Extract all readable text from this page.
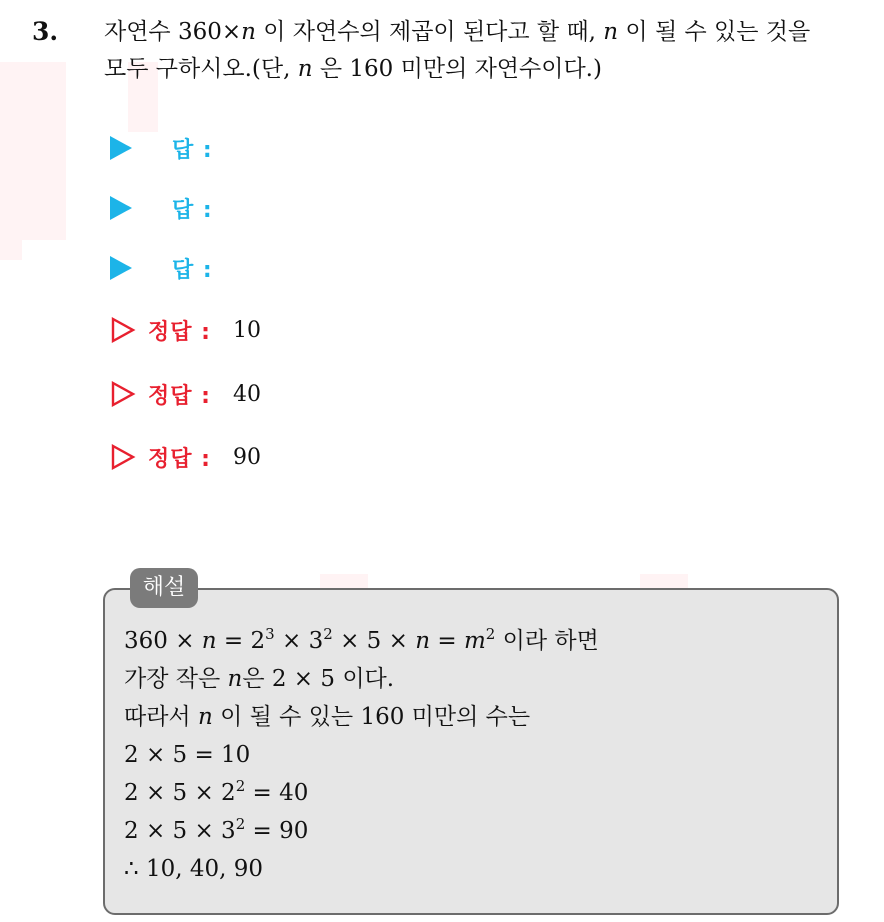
3. 자연수 360×n 이 자연수의 제곱이 된다고 할 때, n 이 될 수 있는 것을
모두 구하시오.(단, n 은 160 미만의 자연수이다.)
답 :
답 :
답 :
정답 : 10
정답 : 40
정답 : 90
해설
$360 \times n = 2^3 \times 3^2 \times 5 \times n = m^2$ 이라 하면
가장 작은 n은 2 × 5 이다.
따라서 n 이 될 수 있는 160 미만의 수는
2 × 5 = 10
$2 \times 5 \times 2^2 = 40$
$2 \times 5 \times 3^2 = 90$
∴ 10, 40, 90
